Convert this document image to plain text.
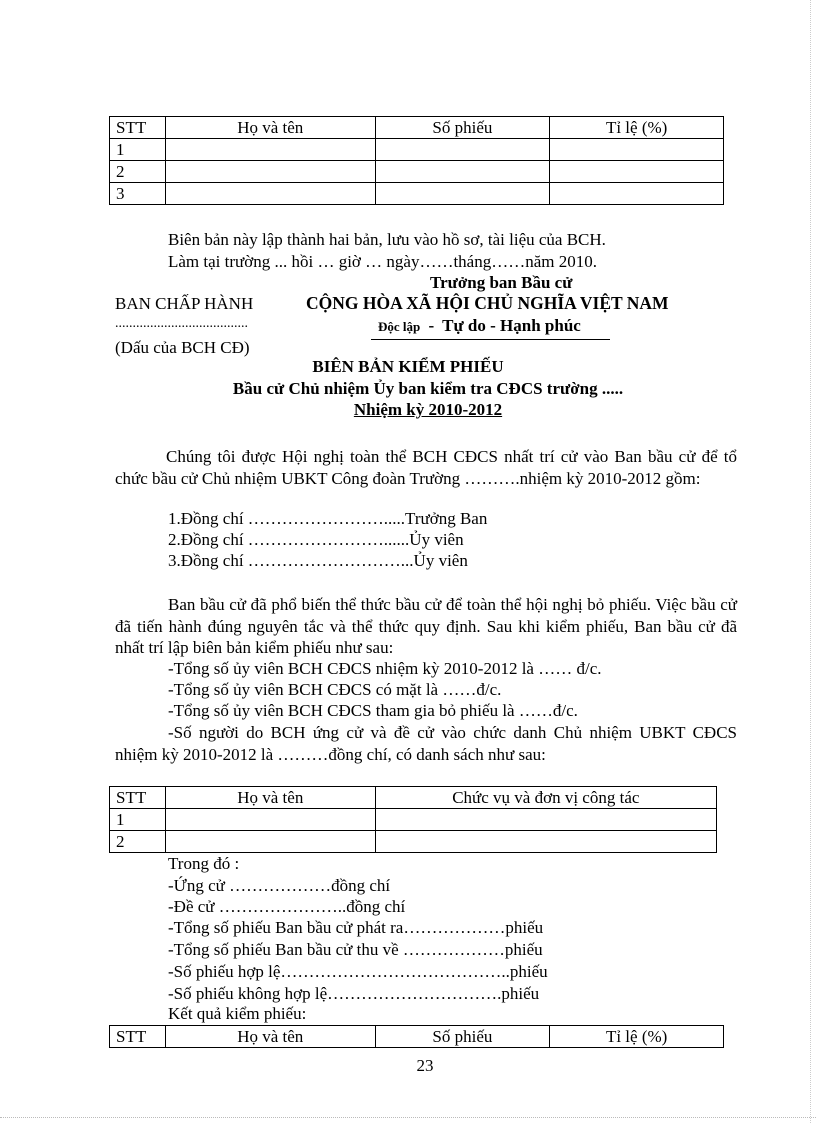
STT	Họ và tên	Số phiếu	Tỉ lệ (%)
1			
2			
3			
Biên bản này lập thành hai bản, lưu vào hồ sơ, tài liệu của BCH.
Làm tại trường ... hồi … giờ … ngày……tháng……năm 2010.
Trưởng ban Bầu cử
BAN CHẤP HÀNH
......................................
(Dấu của BCH CĐ)
CỘNG HÒA XÃ HỘI CHỦ NGHĨA VIỆT NAM
Độc lập - Tự do - Hạnh phúc
BIÊN BẢN KIỂM PHIẾU
Bầu cử Chủ nhiệm Ủy ban kiểm tra CĐCS trường .....
Nhiệm kỳ 2010-2012
Chúng tôi được Hội nghị toàn thể BCH CĐCS nhất trí cử vào Ban bầu cử để tổ chức bầu cử Chủ nhiệm UBKT Công đoàn Trường ……….nhiệm kỳ 2010-2012 gồm:
1.Đồng chí …………………….....Trưởng Ban
2.Đồng chí ……………………......Ủy viên
3.Đồng chí ………………………...Ủy viên
Ban bầu cử đã phổ biến thể thức bầu cử để toàn thể hội nghị bỏ phiếu. Việc bầu cử đã tiến hành đúng nguyên tắc và thể thức quy định. Sau khi kiểm phiếu, Ban bầu cử đã nhất trí lập biên bản kiểm phiếu như sau:
-Tổng số ủy viên BCH CĐCS nhiệm kỳ 2010-2012 là …… đ/c.
-Tổng số ủy viên BCH CĐCS có mặt là ……đ/c.
-Tổng số ủy viên BCH CĐCS tham gia bỏ phiếu là ……đ/c.
-Số người do BCH ứng cử và đề cử vào chức danh Chủ nhiệm UBKT CĐCS nhiệm kỳ 2010-2012 là ………đồng chí, có danh sách như sau:
STT	Họ và tên	Chức vụ và đơn vị công tác
1		
2		
Trong đó :
-Ứng cử ………………đồng chí
-Đề cử …………………..đồng chí
-Tổng số phiếu Ban bầu cử phát ra………………phiếu
-Tổng số phiếu Ban bầu cử thu về ………………phiếu
-Số phiếu hợp lệ…………………………………..phiếu
-Số phiếu không hợp lệ………………………….phiếu
Kết quả kiểm phiếu:
STT	Họ và tên	Số phiếu	Tỉ lệ (%)
23
